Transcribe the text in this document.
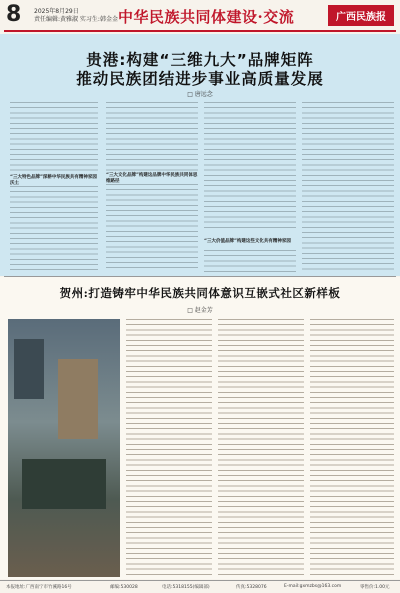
8 2025年8月29日
责任编辑:黄雅淑 实习生:韩金金 中华民族共同体建设·交流	广西民族报
贵港:构建“三维九大”品牌矩阵
推动民族团结进步事业高质量发展
□ 唐远念
“三大特色品牌”深耕中华民族共有精神家园沃土
“三大文化品牌”构建这品牌中华民族共同体思维路径
“三大价值品牌”构建这些文化共有精神家园
贺州:打造铸牢中华民族共同体意识互嵌式社区新样板
□ 赵金芳
本报地址:广西南宁市竹溪路16号	邮编:530028	电话:5318155(编辑部)	传真:5328076	E-mail:gxmzbs@163.com	零售价:1.00元
